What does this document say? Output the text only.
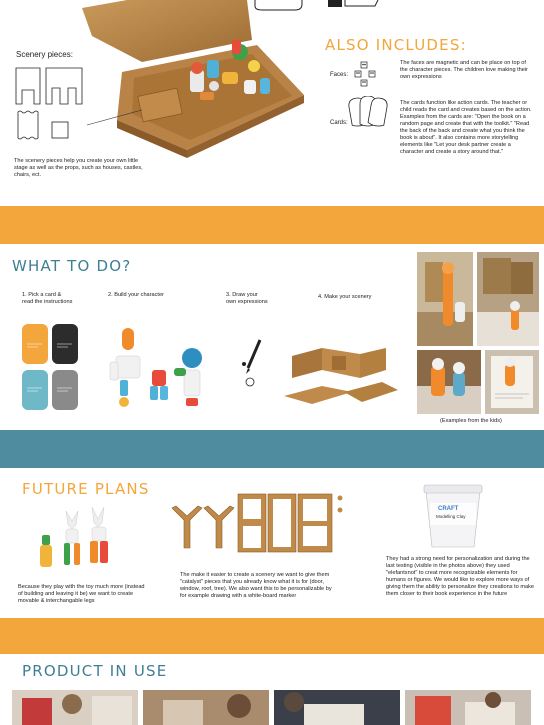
Scenery pieces:
The scenery pieces help you create your own little stage as well as the props, such as houses, castles, chairs, ect.
ALSO INCLUDES:
Faces:
The faces are magnetic and can be place on top of the character pieces. The children love making their own expressions
Cards:
The cards function like action cards. The teacher or child reads the card and creates based on the action. Examples from the cards are: "Open the book on a random page and create that with the toolkit." "Read the back of the back and create what you think the book is about". It also contains more storytelling elements like "Let your desk partner create a character and create a story around that."
WHAT TO DO?
1. Pick a card &
read the instructions
2. Build your character	3. Draw your
own expressions
4. Make your scenery
(Examples from the kids)
FUTURE PLANS
Because they play with the toy much more (instead of building and leaving it be) we want to create movable & interchangable legs
The make it easier to create a scenery we want to give them "catalyst" pieces that you already know what it is for (door, window, roof, tree). We also want this to be personalizable by for example drawing with a white-board marker
CRAFT
Modelling Clay
They had a strong need for personalization and during the last testing (visible in the photos above) they used "elefantsnot" to creat more recognizable elements for humans or figures. We would like to explore more ways of giving them the ability to personalize they creations to make them closer to their book experience in the future
PRODUCT IN USE
